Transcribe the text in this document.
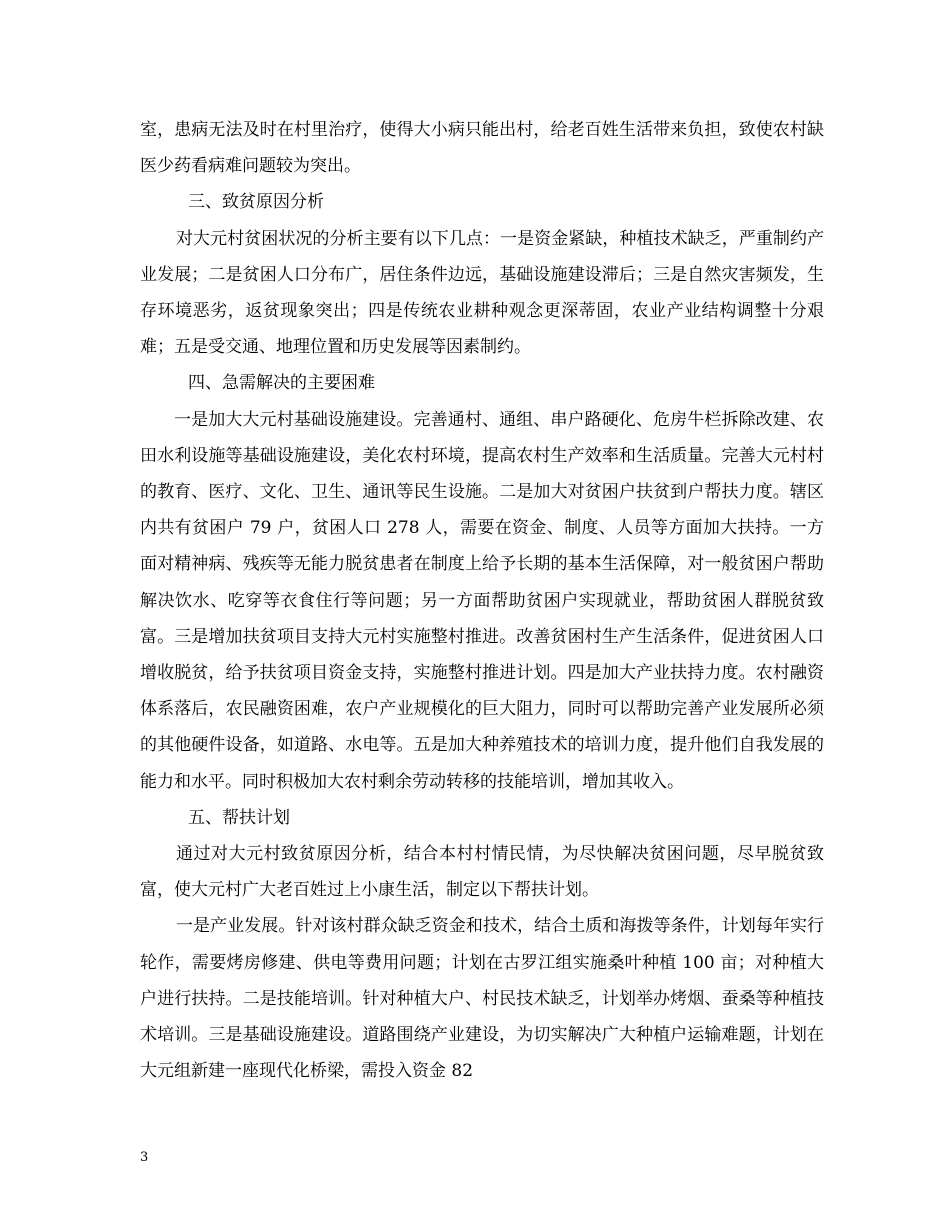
室，患病无法及时在村里治疗，使得大小病只能出村，给老百姓生活带来负担，致使农村缺医少药看病难问题较为突出。

三、致贫原因分析

对大元村贫困状况的分析主要有以下几点：一是资金紧缺，种植技术缺乏，严重制约产业发展；二是贫困人口分布广，居住条件边远，基础设施建设滞后；三是自然灾害频发，生存环境恶劣，返贫现象突出；四是传统农业耕种观念更深蒂固，农业产业结构调整十分艰难；五是受交通、地理位置和历史发展等因素制约。

四、急需解决的主要困难

一是加大大元村基础设施建设。完善通村、通组、串户路硬化、危房牛栏拆除改建、农田水利设施等基础设施建设，美化农村环境，提高农村生产效率和生活质量。完善大元村村的教育、医疗、文化、卫生、通讯等民生设施。二是加大对贫困户扶贫到户帮扶力度。辖区内共有贫困户 79 户，贫困人口 278 人，需要在资金、制度、人员等方面加大扶持。一方面对精神病、残疾等无能力脱贫患者在制度上给予长期的基本生活保障，对一般贫困户帮助解决饮水、吃穿等衣食住行等问题；另一方面帮助贫困户实现就业，帮助贫困人群脱贫致富。三是增加扶贫项目支持大元村实施整村推进。改善贫困村生产生活条件，促进贫困人口增收脱贫，给予扶贫项目资金支持，实施整村推进计划。四是加大产业扶持力度。农村融资体系落后，农民融资困难，农户产业规模化的巨大阻力，同时可以帮助完善产业发展所必须的其他硬件设备，如道路、水电等。五是加大种养殖技术的培训力度，提升他们自我发展的能力和水平。同时积极加大农村剩余劳动转移的技能培训，增加其收入。

五、帮扶计划

通过对大元村致贫原因分析，结合本村村情民情，为尽快解决贫困问题，尽早脱贫致富，使大元村广大老百姓过上小康生活，制定以下帮扶计划。

一是产业发展。针对该村群众缺乏资金和技术，结合土质和海拨等条件，计划每年实行轮作，需要烤房修建、供电等费用问题；计划在古罗江组实施桑叶种植 100 亩；对种植大户进行扶持。二是技能培训。针对种植大户、村民技术缺乏，计划举办烤烟、蚕桑等种植技术培训。三是基础设施建设。道路围绕产业建设，为切实解决广大种植户运输难题，计划在大元组新建一座现代化桥梁，需投入资金 82

3
